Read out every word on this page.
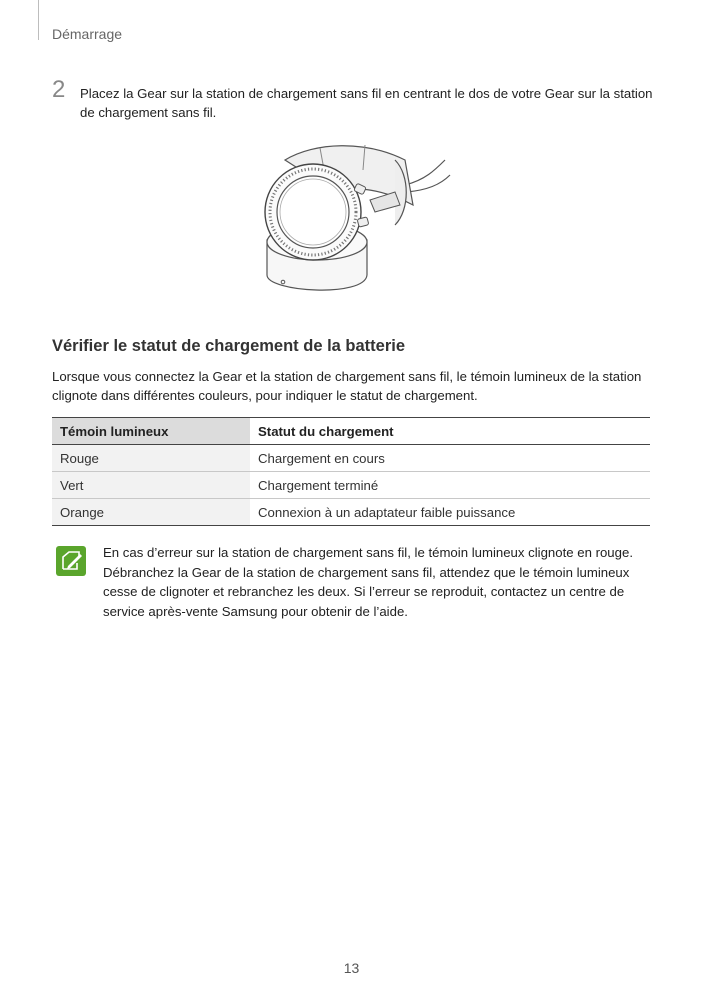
Démarrage
2 Placez la Gear sur la station de chargement sans fil en centrant le dos de votre Gear sur la station de chargement sans fil.
Vérifier le statut de chargement de la batterie
Lorsque vous connectez la Gear et la station de chargement sans fil, le témoin lumineux de la station clignote dans différentes couleurs, pour indiquer le statut de chargement.
Témoin lumineux	Statut du chargement
Rouge	Chargement en cours
Vert	Chargement terminé
Orange	Connexion à un adaptateur faible puissance
En cas d’erreur sur la station de chargement sans fil, le témoin lumineux clignote en rouge. Débranchez la Gear de la station de chargement sans fil, attendez que le témoin lumineux cesse de clignoter et rebranchez les deux. Si l’erreur se reproduit, contactez un centre de service après-vente Samsung pour obtenir de l’aide.
13
